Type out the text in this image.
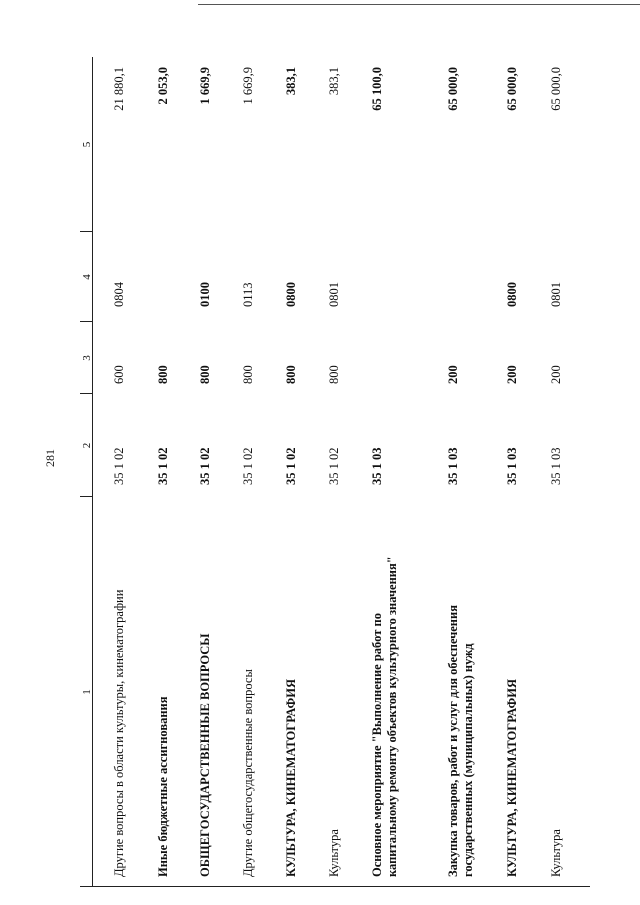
281
1
2
3
4
5
Другие вопросы в области культуры, кинематографии
35 1 02
600
0804
21 880,1
Иные бюджетные ассигнования
35 1 02
800
2 053,0
ОБЩЕГОСУДАРСТВЕННЫЕ ВОПРОСЫ
35 1 02
800
0100
1 669,9
Другие общегосударственные вопросы
35 1 02
800
0113
1 669,9
КУЛЬТУРА, КИНЕМАТОГРАФИЯ
35 1 02
800
0800
383,1
Культура
35 1 02
800
0801
383,1
Основное мероприятие "Выполнение работ по капитальному ремонту объектов культурного значения"
35 1 03
65 100,0
Закупка товаров, работ и услуг для обеспечения государственных (муниципальных) нужд
35 1 03
200
65 000,0
КУЛЬТУРА, КИНЕМАТОГРАФИЯ
35 1 03
200
0800
65 000,0
Культура
35 1 03
200
0801
65 000,0
